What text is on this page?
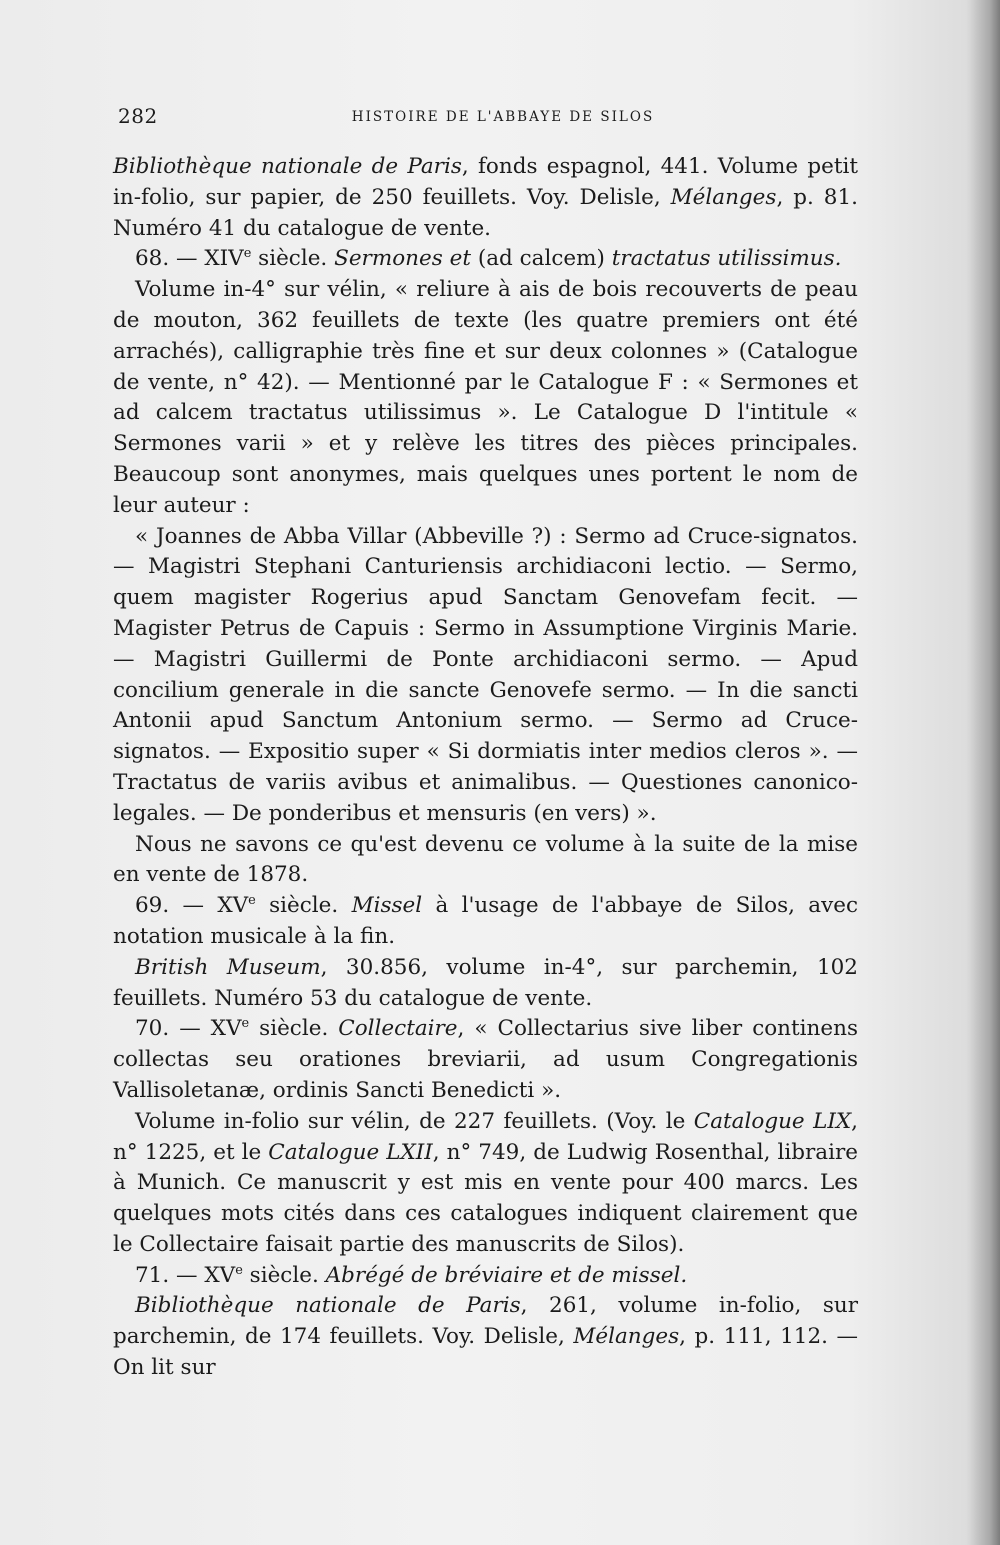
282	HISTOIRE DE L'ABBAYE DE SILOS

Bibliothèque nationale de Paris, fonds espagnol, 441. Volume petit in-folio, sur papier, de 250 feuillets. Voy. Delisle, Mélanges, p. 81. Numéro 41 du catalogue de vente.

68. — XIVe siècle. Sermones et (ad calcem) tractatus utilissimus.

Volume in-4° sur vélin, « reliure à ais de bois recouverts de peau de mouton, 362 feuillets de texte (les quatre premiers ont été arrachés), calligraphie très fine et sur deux colonnes » (Catalogue de vente, n° 42). — Mentionné par le Catalogue F : « Sermones et ad calcem tractatus utilissimus ». Le Catalogue D l'intitule « Sermones varii » et y relève les titres des pièces principales. Beaucoup sont anonymes, mais quelques unes portent le nom de leur auteur :

« Joannes de Abba Villar (Abbeville ?) : Sermo ad Cruce-signatos. — Magistri Stephani Canturiensis archidiaconi lectio. — Sermo, quem magister Rogerius apud Sanctam Genovefam fecit. — Magister Petrus de Capuis : Sermo in Assumptione Virginis Marie. — Magistri Guillermi de Ponte archidiaconi sermo. — Apud concilium generale in die sancte Genovefe sermo. — In die sancti Antonii apud Sanctum Antonium sermo. — Sermo ad Cruce-signatos. — Expositio super « Si dormiatis inter medios cleros ». — Tractatus de variis avibus et animalibus. — Questiones canonico-legales. — De ponderibus et mensuris (en vers) ».

Nous ne savons ce qu'est devenu ce volume à la suite de la mise en vente de 1878.

69. — XVe siècle. Missel à l'usage de l'abbaye de Silos, avec notation musicale à la fin.

British Museum, 30.856, volume in-4°, sur parchemin, 102 feuillets. Numéro 53 du catalogue de vente.

70. — XVe siècle. Collectaire, « Collectarius sive liber continens collectas seu orationes breviarii, ad usum Congregationis Vallisoletanæ, ordinis Sancti Benedicti ».

Volume in-folio sur vélin, de 227 feuillets. (Voy. le Catalogue LIX, n° 1225, et le Catalogue LXII, n° 749, de Ludwig Rosenthal, libraire à Munich. Ce manuscrit y est mis en vente pour 400 marcs. Les quelques mots cités dans ces catalogues indiquent clairement que le Collectaire faisait partie des manuscrits de Silos).

71. — XVe siècle. Abrégé de bréviaire et de missel.

Bibliothèque nationale de Paris, 261, volume in-folio, sur parchemin, de 174 feuillets. Voy. Delisle, Mélanges, p. 111, 112. — On lit sur
